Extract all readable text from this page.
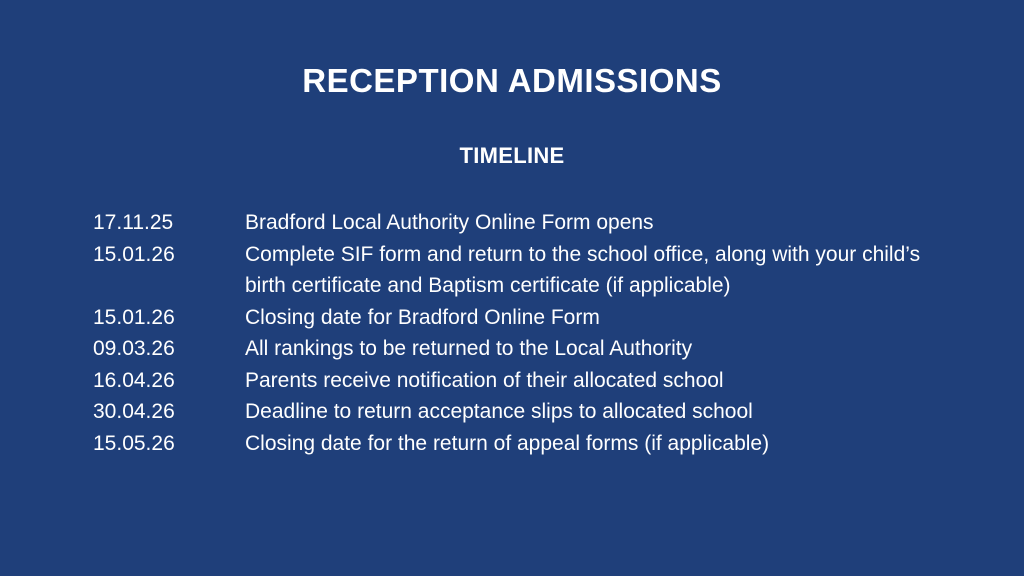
RECEPTION ADMISSIONS
TIMELINE
17.11.25	Bradford Local Authority Online Form opens
15.01.26	Complete SIF form and return to the school office, along with your child’s birth certificate and Baptism certificate (if applicable)
15.01.26	Closing date for Bradford Online Form
09.03.26	All rankings to be returned to the Local Authority
16.04.26	Parents receive notification of their allocated school
30.04.26	Deadline to return acceptance slips to allocated school
15.05.26	Closing date for the return of appeal forms (if applicable)
